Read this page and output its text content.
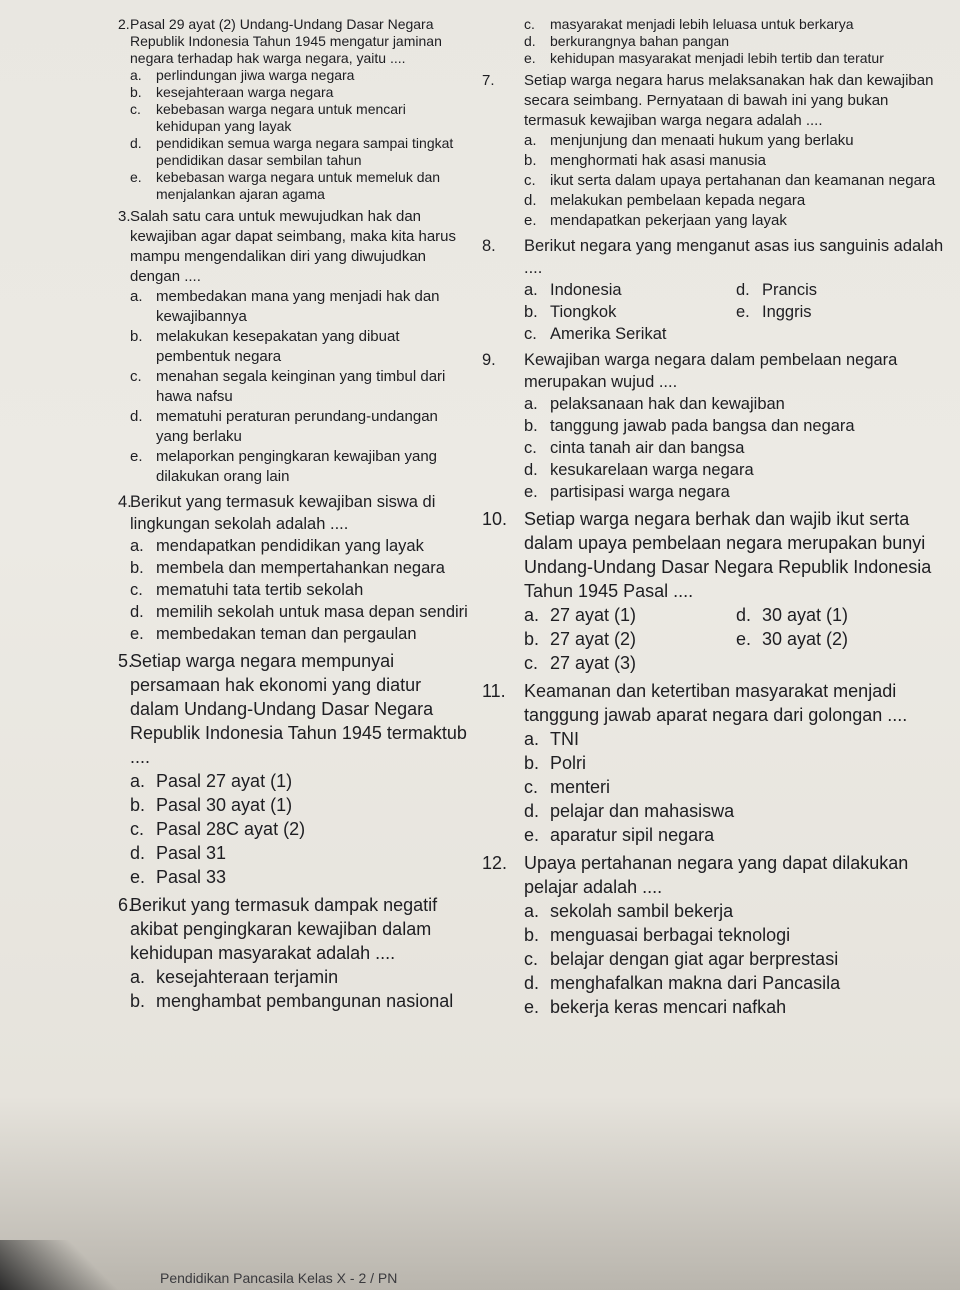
2. Pasal 29 ayat (2) Undang-Undang Dasar Negara Republik Indonesia Tahun 1945 mengatur jaminan negara terhadap hak warga negara, yaitu ....
a. perlindungan jiwa warga negara
b. kesejahteraan warga negara
c. kebebasan warga negara untuk mencari kehidupan yang layak
d. pendidikan semua warga negara sampai tingkat pendidikan dasar sembilan tahun
e. kebebasan warga negara untuk memeluk dan menjalankan ajaran agama
3. Salah satu cara untuk mewujudkan hak dan kewajiban agar dapat seimbang, maka kita harus mampu mengendalikan diri yang diwujudkan dengan ....
a. membedakan mana yang menjadi hak dan kewajibannya
b. melakukan kesepakatan yang dibuat pembentuk negara
c. menahan segala keinginan yang timbul dari hawa nafsu
d. mematuhi peraturan perundang-undangan yang berlaku
e. melaporkan pengingkaran kewajiban yang dilakukan orang lain
4.
Berikut yang termasuk kewajiban siswa di lingkungan sekolah adalah ....
a. mendapatkan pendidikan yang layak
b. membela dan mempertahankan negara
c. mematuhi tata tertib sekolah
d. memilih sekolah untuk masa depan sendiri
e. membedakan teman dan pergaulan
5.
Setiap warga negara mempunyai persamaan hak ekonomi yang diatur dalam Undang-Undang Dasar Negara Republik Indonesia Tahun 1945 termaktub ....
a. Pasal 27 ayat (1)
b. Pasal 30 ayat (1)
c. Pasal 28C ayat (2)
d. Pasal 31
e. Pasal 33
6.
Berikut yang termasuk dampak negatif akibat pengingkaran kewajiban dalam kehidupan masyarakat adalah ....
a. kesejahteraan terjamin
b. menghambat pembangunan nasional
c. masyarakat menjadi lebih leluasa untuk berkarya
d. berkurangnya bahan pangan
e. kehidupan masyarakat menjadi lebih tertib dan teratur
7. Setiap warga negara harus melaksanakan hak dan kewajiban secara seimbang. Pernyataan di bawah ini yang bukan termasuk kewajiban warga negara adalah ....
a. menjunjung dan menaati hukum yang berlaku
b. menghormati hak asasi manusia
c. ikut serta dalam upaya pertahanan dan keamanan negara
d. melakukan pembelaan kepada negara
e. mendapatkan pekerjaan yang layak
8. Berikut negara yang menganut asas ius sanguinis adalah ....
a. Indonesia	d. Prancis
b. Tiongkok	e. Inggris
c. Amerika Serikat
9. Kewajiban warga negara dalam pembelaan negara merupakan wujud ....
a. pelaksanaan hak dan kewajiban
b. tanggung jawab pada bangsa dan negara
c. cinta tanah air dan bangsa
d. kesukarelaan warga negara
e. partisipasi warga negara
10. Setiap warga negara berhak dan wajib ikut serta dalam upaya pembelaan negara merupakan bunyi Undang-Undang Dasar Negara Republik Indonesia Tahun 1945 Pasal ....
a. 27 ayat (1)	d. 30 ayat (1)
b. 27 ayat (2)	e. 30 ayat (2)
c. 27 ayat (3)
11. Keamanan dan ketertiban masyarakat menjadi tanggung jawab aparat negara dari golongan ....
a. TNI
b. Polri
c. menteri
d. pelajar dan mahasiswa
e. aparatur sipil negara
12. Upaya pertahanan negara yang dapat dilakukan pelajar adalah ....
a. sekolah sambil bekerja
b. menguasai berbagai teknologi
c. belajar dengan giat agar berprestasi
d. menghafalkan makna dari Pancasila
e. bekerja keras mencari nafkah
Pendidikan Pancasila Kelas X - 2 / PN
